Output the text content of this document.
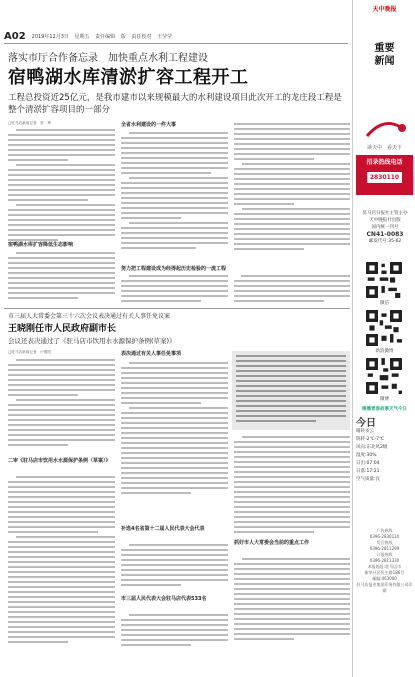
A02 2019年12月3日 星期五 责任编辑 版 责任校对 王莹莹
落实市厅合作备忘录　加快重点水利工程建设
宿鸭湖水库清淤扩容工程开工
工程总投资近25亿元，是我市建市以来规模最大的水利建设项目此次开工的龙庄段工程是整个清淤扩容项目的一部分
□驻马店新闻记者　张　琦
宿鸭湖水库扩容降低生态影响
全省水利建设的一件大事
努力把工程建设成为经得起历史检验的一流工程
市三届人大常委会第三十六次会议表决通过有关人事任免议案
王晓刚任市人民政府副市长
会议还表决通过了《驻马店市饮用水水源保护条例(草案)》
□驻马店新闻记者　卢明阳
二审《驻马店市饮用水水源保护条例（草案）》
表决通过有关人事任免事项
补选4名省第十二届人民代表大会代表
市三届人民代表大会驻马店代表533名
抓好市人大常委会当前的重点工作
天中晚报
重要
新闻
读天中　看天下
招录热线电话
2830110
驻马店日报社主管主办
天中晚报社出版
国内统一刊号
CN41-0083
邮发代号:35-62
微信
新浪微博
微博
微播青春故事天气今日
今日
晴转多云
阴转-2℃-7℃
风向:东北风2级
湿度:30%
日出:07:04
日落:17:21
空气质量:良
广告热线
0396-2830110
发行热线
0396-2811299
订报热线
0396-2811330
本报地址:驻马店市
新华社区民主路186号
邮编:463000
驻马店报业集团印务有限公司印刷
